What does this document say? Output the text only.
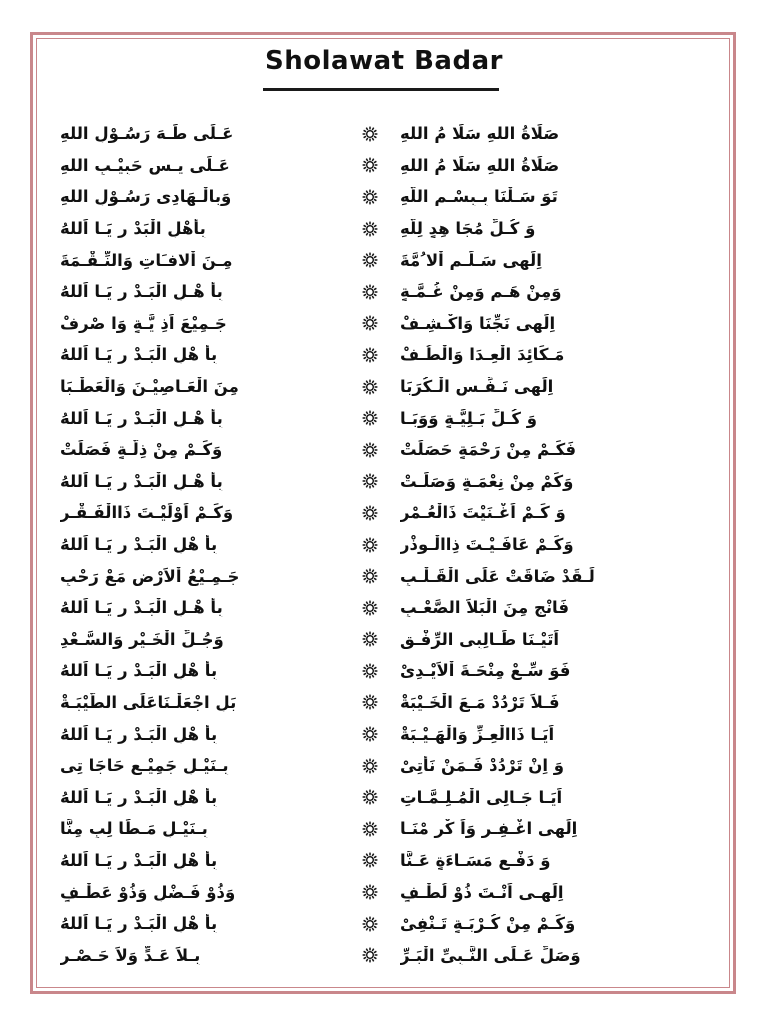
Sholawat Badar
عَـلَى طَـهَ رَسُـوْلِ اللهِ	صَلَاةُ اللهِ سَلَا مُ اللهِ
عَـلَى يـس حَبِيْـبِ اللهِ	صَلَاةُ اللهِ سَلَا مُ اللهِ
وَبِالْـهَادِى رَسُـوْلِ اللهِ	تَوَ سَـلْنَا بِـبِسْـمِ اللّهِ
بِأَهْلِ الْبَدْ رِ يَـا اَللهُ	وَ كُـلِّ مُجَا هِدٍ لِلّهِ
مِـنَ اْلافـَاتِ وَالنِّـقْـمَةَ	اِلَهِى سَـلِّـمِ اْلا ُمَّةَ
بِأَ هْـلِ الْبَـدْ رِ يَـا اَللهُ	وَمِنْ هَـمٍ وَمِنْ غُـمَّـةٍ
جَـمِيْعَ اَذِ يَّـةٍ وَا صْرِفْ	اِلَهِى نَجِّنَا وَاكْـشِـفْ
بِأَ هْلِ الْبَـدْ رِ يَـا اَللهُ	مَـكَائِدَ الْعِـدَا وَالْطُـفْ
مِنَ الْعَـاصِيْـنَ وَالْعَطْـبَا	اِلَهِى نَـفِّـسِ الْـكُرَبَا
بِأَ هْـلِ الْبَـدْ رِ يَـا اَللهُ	وَ كُـلِّ بَـلِيَّـةٍ وَوَبَـا
وَكَـمْ مِنْ ذِلَّـةٍ فَصَلَتْ	فَكَـمْ مِنْ رَحْمَةٍ حَصَلَتْ
بِأَ هْـلِ الْبَـدْ رِ يَـا اَللهُ	وَكَمْ مِنْ نِعْمَـةٍ وَصَلَـتْ
وَكَـمْ اَوْلَيْـتَ ذَاالْفَـقْـرِ	وَ كَـمْ اَغْـنَيْتَ ذَالْعُـمْرِ
بِأَ هْلِ الْبَـدْ رِ يَـا اَللهُ	وَكَـمْ عَافَـيْـتَ ذِاالْـوِذْرِ
جَـمِـيْعُ اْلاَرْضِ مَعْ رَحْبِ	لَـقَدْ ضَاقَتْ عَلَى الْقَـلْـبِ
بِأَ هْـلِ الْبَـدْ رِ يَـا اَللهُ	فَانْجِ مِنَ الْبَلاَ الصَّعْـبِ
وَجُـلِّ الْخَـيْرِ وَالسَّـعْدِ	اَتَيْـنَا طَـالِبِى الرِّفْـقِ
بِأَ هْلِ الْبَـدْ رِ يَـا اَللهُ	فَوَ سِّـعْ مِنْحَـةَ اْلاَيْـدِىْ
بَلِ اجْعَلْـنَاعَلَى الطَّيْبَـةْ	فَـلاَ تَرْدُدْ مَـعَ الْخَـيْبَةْ
بِأَ هْلِ الْبَـدْ رِ يَـا اَللهُ	اَيَـا ذَاالْعِـزِّ وَالْهَـيْـبَةْ
بِـنَيْـلِ جَمِيْـعِ حَاجَا تِى	وَ اِنْ تَرْدُدْ فَـمَنْ نَأْتِىْ
بِأَ هْلِ الْبَـدْ رِ يَـا اَللهُ	اَيَـا جَـالِى الْمُـلِـمَّـاتِ
بِـنَيْـلِ مَـطَا لِبٍ مِنَّا	اِلَهِى اغْـفِـرِ وَاَ كْرِ مْنَـا
بِأَ هْلِ الْبَـدْ رِ يَـا اَللهُ	وَ دَفْـعِ مَسَـاءَةٍ عَـنَّا
وَذُوْ فَـضْلٍ وَذُوْ عَطْـفٍ	اِلَهِـى اَنْـتَ ذُوْ لُطْـفٍ
بِأَ هْلِ الْبَـدْ رِ يَـا اَللهُ	وَكَـمْ مِنْ كُـرْبَـةٍ تَـنْفِىْ
بِـلاَ عَـدٍّ وَلاَ حَـصْـرِ	وَصَلِّ عَـلَى النَّـبِىِّ الْبَـرِّ
